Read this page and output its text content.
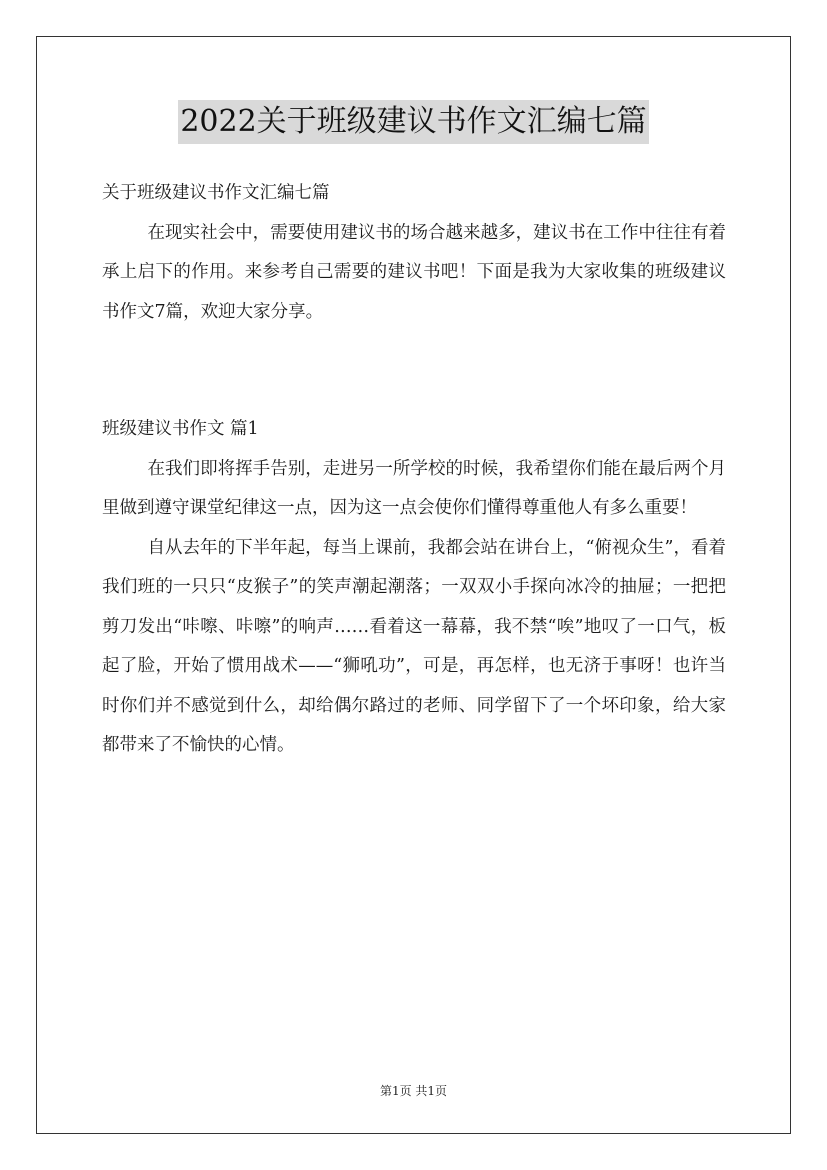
2022关于班级建议书作文汇编七篇

关于班级建议书作文汇编七篇

在现实社会中，需要使用建议书的场合越来越多，建议书在工作中往往有着承上启下的作用。来参考自己需要的建议书吧！下面是我为大家收集的班级建议书作文7篇，欢迎大家分享。

班级建议书作文 篇1

在我们即将挥手告别，走进另一所学校的时候，我希望你们能在最后两个月里做到遵守课堂纪律这一点，因为这一点会使你们懂得尊重他人有多么重要！

自从去年的下半年起，每当上课前，我都会站在讲台上，“俯视众生”，看着我们班的一只只“皮猴子”的笑声潮起潮落；一双双小手探向冰冷的抽屉；一把把剪刀发出“咔嚓、咔嚓”的响声……看着这一幕幕，我不禁“唉”地叹了一口气，板起了脸，开始了惯用战术——“狮吼功”，可是，再怎样，也无济于事呀！也许当时你们并不感觉到什么，却给偶尔路过的老师、同学留下了一个坏印象，给大家都带来了不愉快的心情。

第1页 共1页
